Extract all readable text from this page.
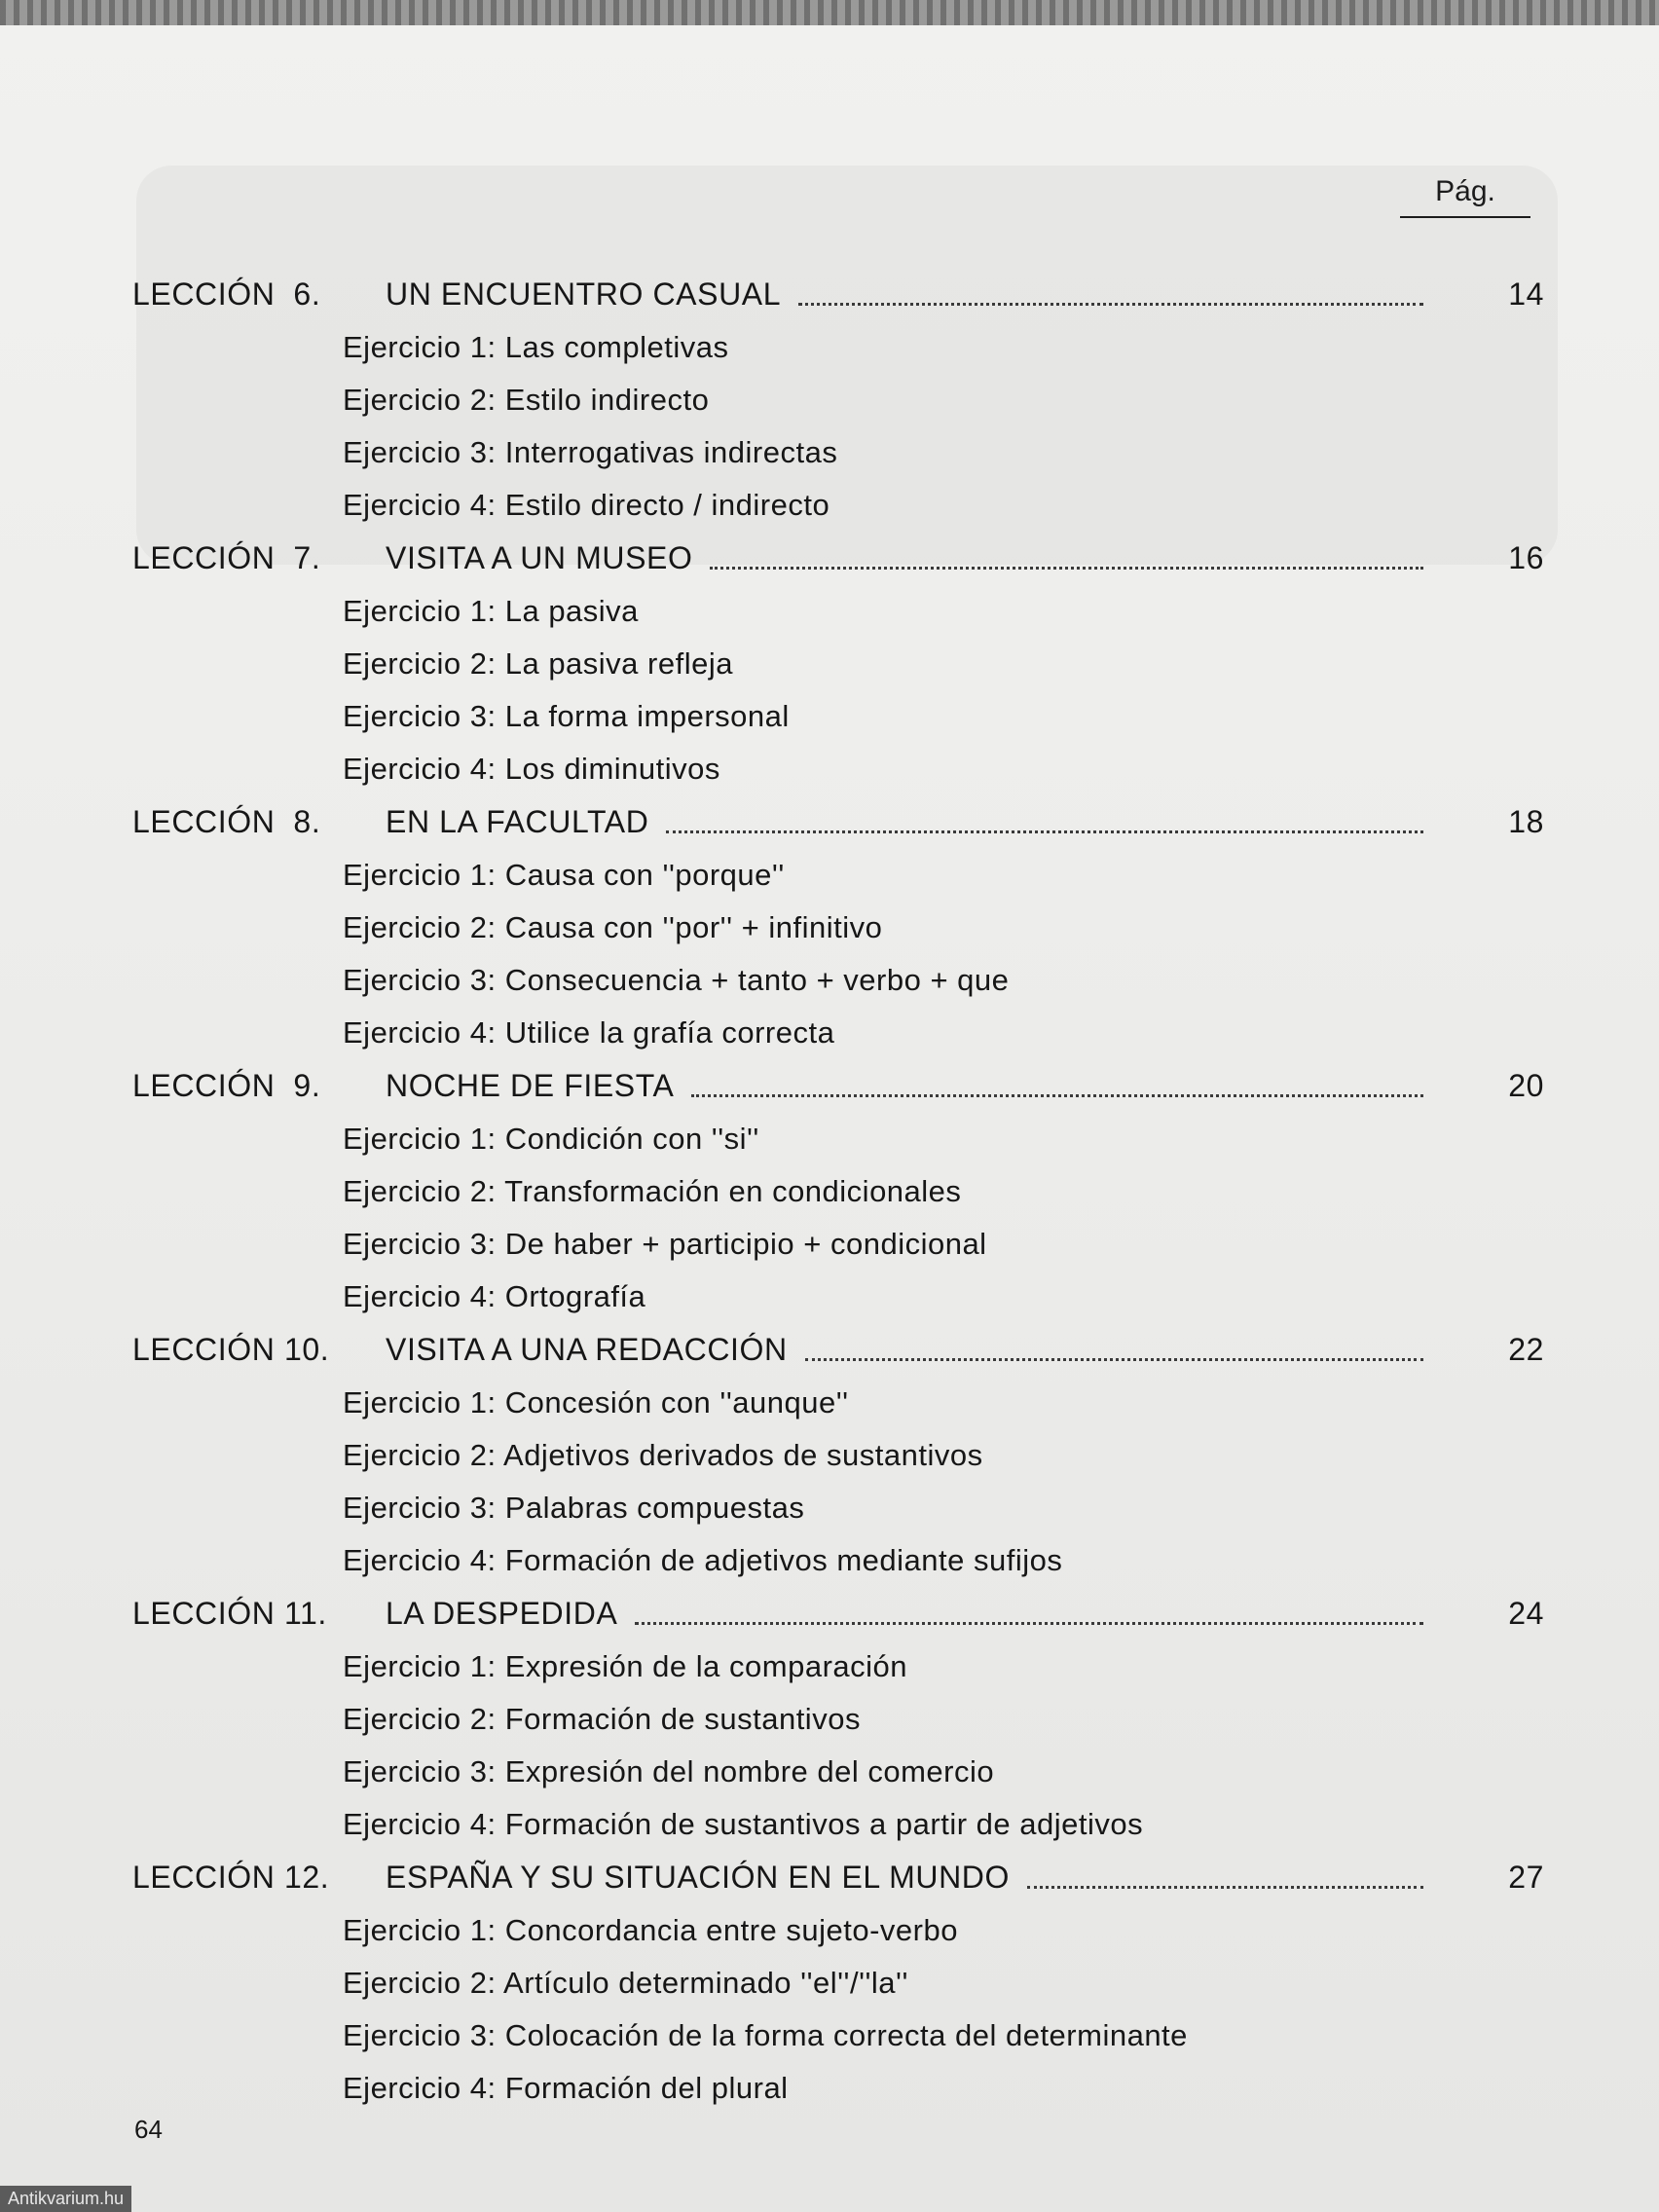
Pág.
LECCIÓN  6.	UN ENCUENTRO CASUAL	14
Ejercicio 1: Las completivas
Ejercicio 2: Estilo indirecto
Ejercicio 3: Interrogativas indirectas
Ejercicio 4: Estilo directo / indirecto
LECCIÓN  7.	VISITA A UN MUSEO	16
Ejercicio 1: La pasiva
Ejercicio 2: La pasiva refleja
Ejercicio 3: La forma impersonal
Ejercicio 4: Los diminutivos
LECCIÓN  8.	EN LA FACULTAD	18
Ejercicio 1: Causa con ''porque''
Ejercicio 2: Causa con ''por'' + infinitivo
Ejercicio 3: Consecuencia + tanto + verbo + que
Ejercicio 4: Utilice la grafía correcta
LECCIÓN  9.	NOCHE DE FIESTA	20
Ejercicio 1: Condición con ''si''
Ejercicio 2: Transformación en condicionales
Ejercicio 3: De haber + participio + condicional
Ejercicio 4: Ortografía
LECCIÓN 10.	VISITA A UNA REDACCIÓN	22
Ejercicio 1: Concesión con ''aunque''
Ejercicio 2: Adjetivos derivados de sustantivos
Ejercicio 3: Palabras compuestas
Ejercicio 4: Formación de adjetivos mediante sufijos
LECCIÓN 11.	LA DESPEDIDA	24
Ejercicio 1: Expresión de la comparación
Ejercicio 2: Formación de sustantivos
Ejercicio 3: Expresión del nombre del comercio
Ejercicio 4: Formación de sustantivos a partir de adjetivos
LECCIÓN 12.	ESPAÑA Y SU SITUACIÓN EN EL MUNDO	27
Ejercicio 1: Concordancia entre sujeto-verbo
Ejercicio 2: Artículo determinado ''el''/''la''
Ejercicio 3: Colocación de la forma correcta del determinante
Ejercicio 4: Formación del plural
64
Antikvarium.hu
